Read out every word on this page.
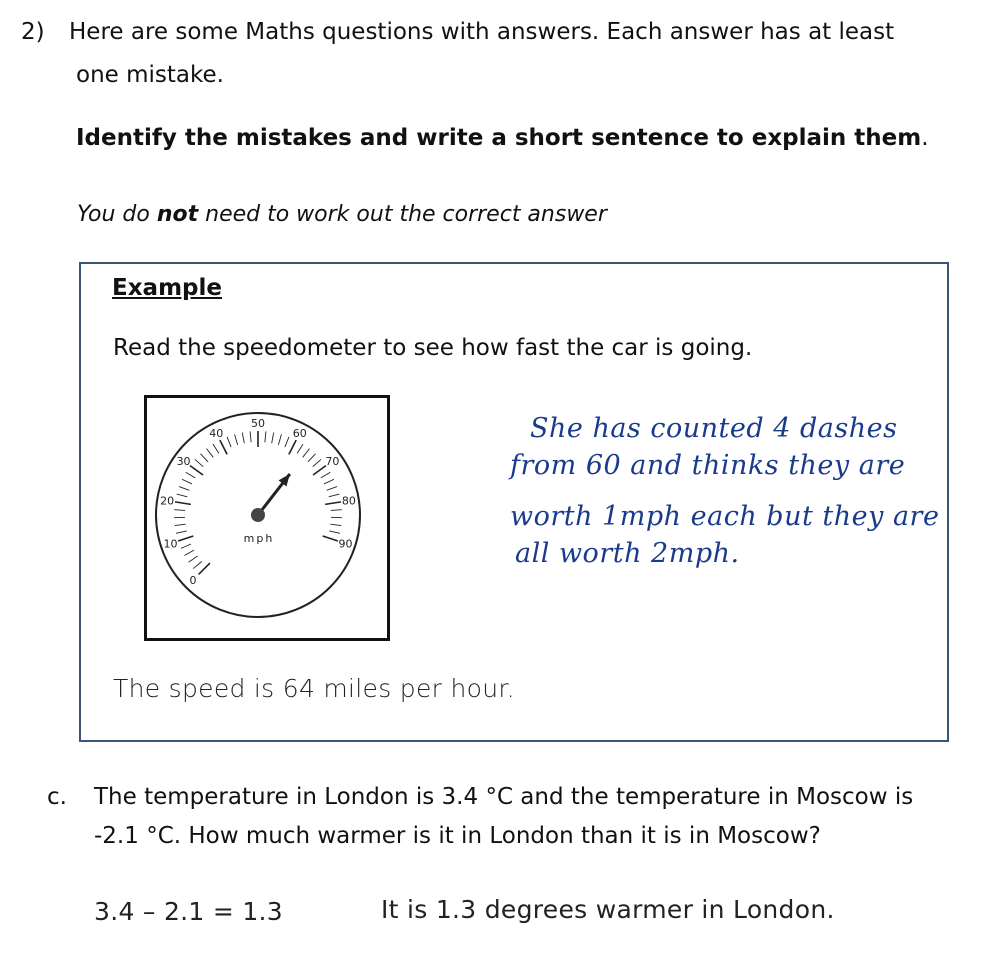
2) Here are some Maths questions with answers. Each answer has at least
one mistake.
Identify the mistakes and write a short sentence to explain them.
You do not need to work out the correct answer
Example
Read the speedometer to see how fast the car is going.
0
10
20
30
40
50
60
70
80
90
mph
She has counted 4 dashes
from 60 and thinks they are
worth 1mph each but they are
all worth 2mph.
The speed is 64 miles per hour.
c. The temperature in London is 3.4 °C and the temperature in Moscow is
-2.1 °C. How much warmer is it in London than it is in Moscow?
3.4 – 2.1 = 1.3	It is 1.3 degrees warmer in London.
